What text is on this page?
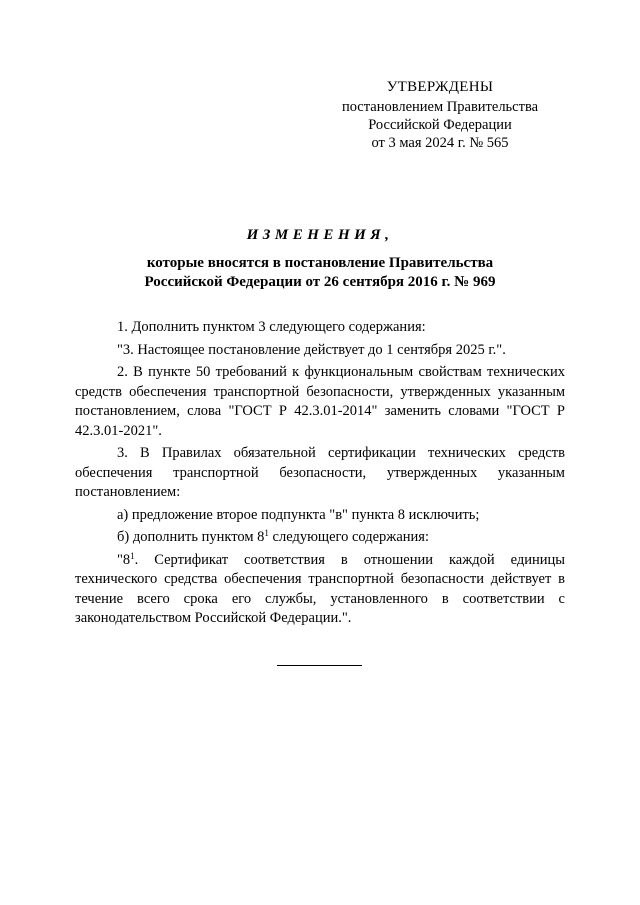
УТВЕРЖДЕНЫ
постановлением Правительства
Российской Федерации
от 3 мая 2024 г. № 565
ИЗМЕНЕНИЯ,
которые вносятся в постановление Правительства
Российской Федерации от 26 сентября 2016 г. № 969

1. Дополнить пунктом 3 следующего содержания:

"3. Настоящее постановление действует до 1 сентября 2025 г.".

2. В пункте 50 требований к функциональным свойствам технических средств обеспечения транспортной безопасности, утвержденных указанным постановлением, слова "ГОСТ Р 42.3.01-2014" заменить словами "ГОСТ Р 42.3.01-2021".

3. В Правилах обязательной сертификации технических средств обеспечения транспортной безопасности, утвержденных указанным постановлением:

а) предложение второе подпункта "в" пункта 8 исключить;

б) дополнить пунктом $8^1$ следующего содержания:

"$8^1$. Сертификат соответствия в отношении каждой единицы технического средства обеспечения транспортной безопасности действует в течение всего срока его службы, установленного в соответствии с законодательством Российской Федерации.".
